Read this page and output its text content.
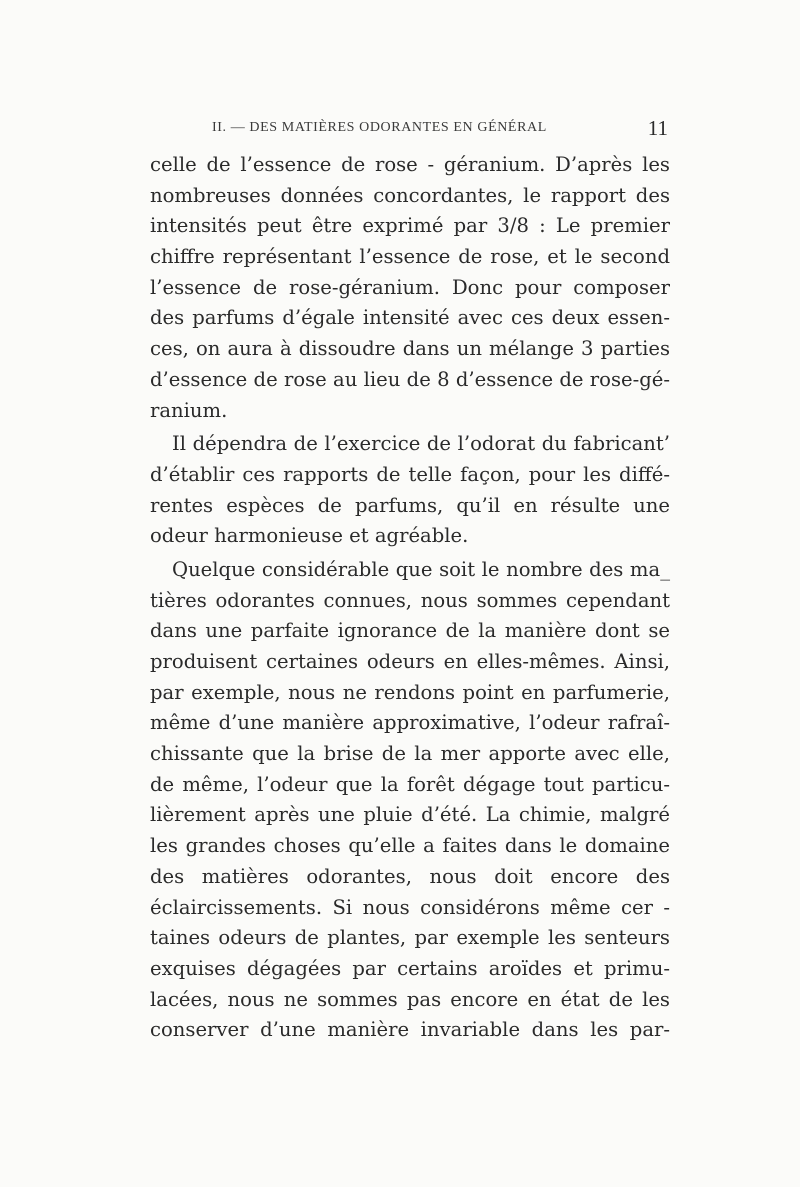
II. — DES MATIÈRES ODORANTES EN GÉNÉRAL	11
celle de l’essence de rose - géranium. D’après les
nombreuses données concordantes, le rapport des
intensités peut être exprimé par 3/8 : Le premier
chiffre représentant l’essence de rose, et le second
l’essence de rose-géranium. Donc pour composer
des parfums d’égale intensité avec ces deux essen-
ces, on aura à dissoudre dans un mélange 3 parties
d’essence de rose au lieu de 8 d’essence de rose-gé-
ranium.
Il dépendra de l’exercice de l’odorat du fabricant’
d’établir ces rapports de telle façon, pour les diffé-
rentes espèces de parfums, qu’il en résulte une
odeur harmonieuse et agréable.
Quelque considérable que soit le nombre des ma_
tières odorantes connues, nous sommes cependant
dans une parfaite ignorance de la manière dont se
produisent certaines odeurs en elles-mêmes. Ainsi,
par exemple, nous ne rendons point en parfumerie,
même d’une manière approximative, l’odeur rafraî-
chissante que la brise de la mer apporte avec elle,
de même, l’odeur que la forêt dégage tout particu-
lièrement après une pluie d’été. La chimie, malgré
les grandes choses qu’elle a faites dans le domaine
des matières odorantes, nous doit encore des
éclaircissements. Si nous considérons même cer -
taines odeurs de plantes, par exemple les senteurs
exquises dégagées par certains aroïdes et primu-
lacées, nous ne sommes pas encore en état de les
conserver d’une manière invariable dans les par-
